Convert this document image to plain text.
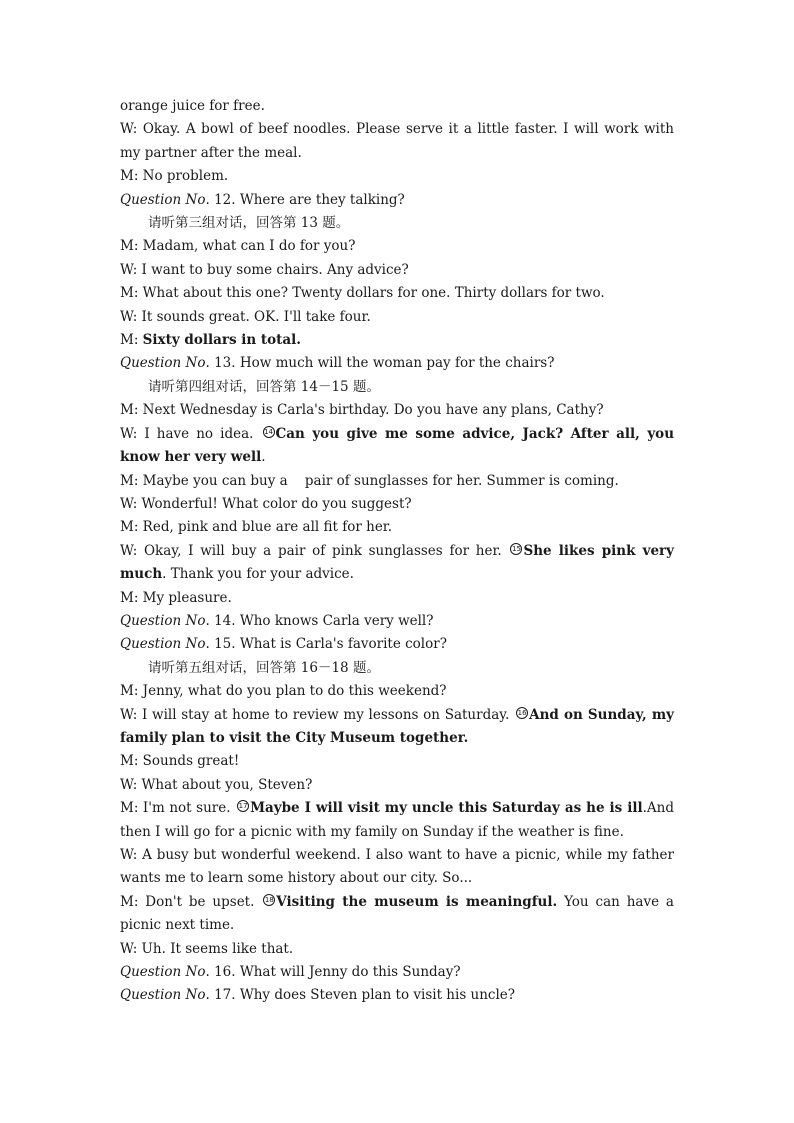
orange juice for free.
W: Okay. A bowl of beef noodles. Please serve it a little faster. I will work with my partner after the meal.
M: No problem.
Question No. 12. Where are they talking?
请听第三组对话，回答第 13 题。
M: Madam, what can I do for you?
W: I want to buy some chairs. Any advice?
M: What about this one? Twenty dollars for one. Thirty dollars for two.
W: It sounds great. OK. I'll take four.
M: Sixty dollars in total.
Question No. 13. How much will the woman pay for the chairs?
请听第四组对话，回答第 14－15 题。
M: Next Wednesday is Carla's birthday. Do you have any plans, Cathy?
W: I have no idea. 14 Can you give me some advice, Jack? After all, you know her very well.
M: Maybe you can buy a    pair of sunglasses for her. Summer is coming.
W: Wonderful! What color do you suggest?
M: Red, pink and blue are all fit for her.
W: Okay, I will buy a pair of pink sunglasses for her. 15 She likes pink very much. Thank you for your advice.
M: My pleasure.
Question No. 14. Who knows Carla very well?
Question No. 15. What is Carla's favorite color?
请听第五组对话，回答第 16－18 题。
M: Jenny, what do you plan to do this weekend?
W: I will stay at home to review my lessons on Saturday. 16 And on Sunday, my family plan to visit the City Museum together.
M: Sounds great!
W: What about you, Steven?
M: I'm not sure. 17 Maybe I will visit my uncle this Saturday as he is ill.And then I will go for a picnic with my family on Sunday if the weather is fine.
W: A busy but wonderful weekend. I also want to have a picnic, while my father wants me to learn some history about our city. So...
M: Don't be upset. 18 Visiting the museum is meaningful. You can have a picnic next time.
W: Uh. It seems like that.
Question No. 16. What will Jenny do this Sunday?
Question No. 17. Why does Steven plan to visit his uncle?
